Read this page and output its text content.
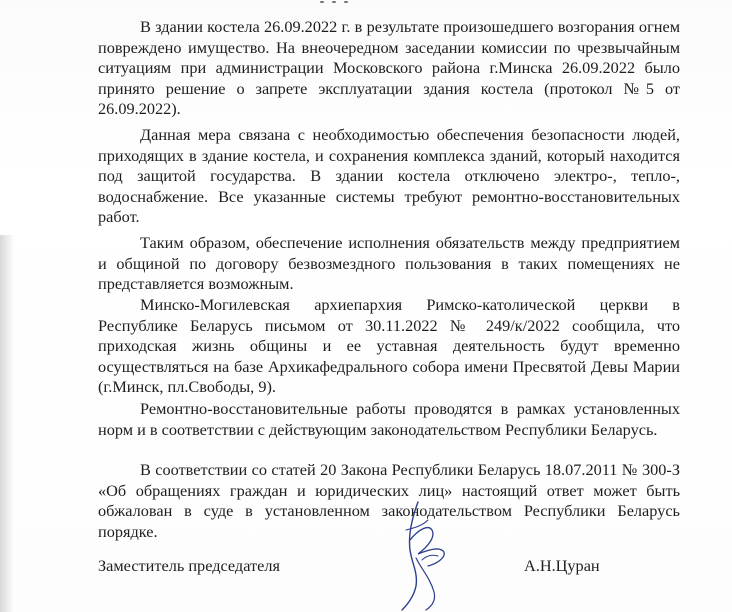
В здании костела 26.09.2022 г. в результате произошедшего возгорания огнем повреждено имущество. На внеочередном заседании комиссии по чрезвычайным ситуациям при администрации Московского района г.Минска 26.09.2022 было принято решение о запрете эксплуатации здания костела (протокол №5 от 26.09.2022).

Данная мера связана с необходимостью обеспечения безопасности людей, приходящих в здание костела, и сохранения комплекса зданий, который находится под защитой государства. В здании костела отключено электро-, тепло-, водоснабжение. Все указанные системы требуют ремонтно-восстановительных работ.

Таким образом, обеспечение исполнения обязательств между предприятием и общиной по договору безвозмездного пользования в таких помещениях не представляется возможным.

Минско-Могилевская архиепархия Римско-католической церкви в Республике Беларусь письмом от 30.11.2022 № 249/к/2022 сообщила, что приходская жизнь общины и ее уставная деятельность будут временно осуществляться на базе Архикафедрального собора имени Пресвятой Девы Марии (г.Минск, пл.Свободы, 9).

Ремонтно-восстановительные работы проводятся в рамках установленных норм и в соответствии с действующим законодательством Республики Беларусь.

В соответствии со статей 20 Закона Республики Беларусь 18.07.2011 № 300-З «Об обращениях граждан и юридических лиц» настоящий ответ может быть обжалован в суде в установленном законодательством Республики Беларусь порядке.

Заместитель председателя	А.Н.Цуран
